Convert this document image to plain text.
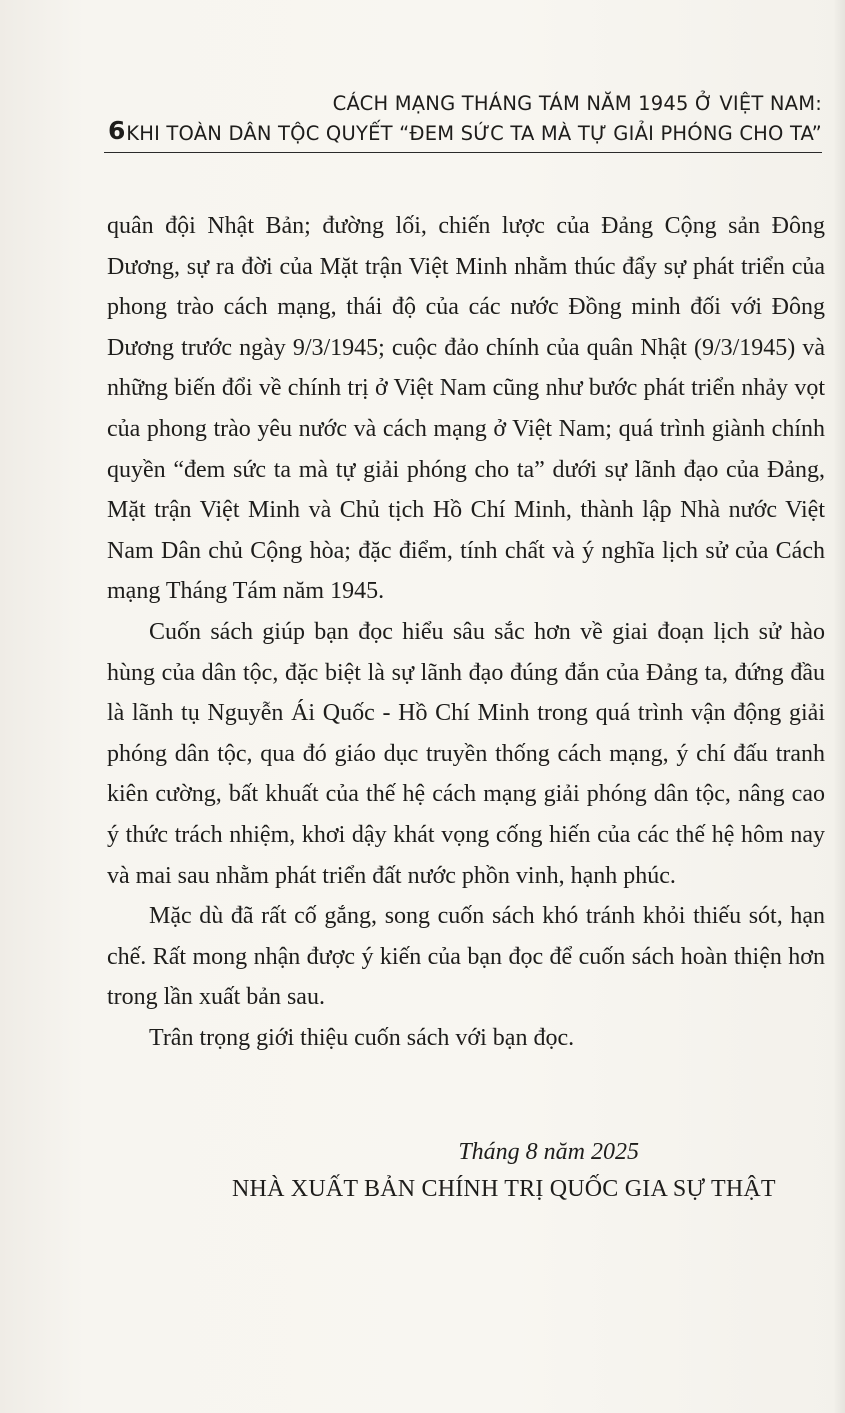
6
CÁCH MẠNG THÁNG TÁM NĂM 1945 Ở VIỆT NAM:
KHI TOÀN DÂN TỘC QUYẾT “ĐEM SỨC TA MÀ TỰ GIẢI PHÓNG CHO TA”

quân đội Nhật Bản; đường lối, chiến lược của Đảng Cộng sản Đông Dương, sự ra đời của Mặt trận Việt Minh nhằm thúc đẩy sự phát triển của phong trào cách mạng, thái độ của các nước Đồng minh đối với Đông Dương trước ngày 9/3/1945; cuộc đảo chính của quân Nhật (9/3/1945) và những biến đổi về chính trị ở Việt Nam cũng như bước phát triển nhảy vọt của phong trào yêu nước và cách mạng ở Việt Nam; quá trình giành chính quyền “đem sức ta mà tự giải phóng cho ta” dưới sự lãnh đạo của Đảng, Mặt trận Việt Minh và Chủ tịch Hồ Chí Minh, thành lập Nhà nước Việt Nam Dân chủ Cộng hòa; đặc điểm, tính chất và ý nghĩa lịch sử của Cách mạng Tháng Tám năm 1945.

Cuốn sách giúp bạn đọc hiểu sâu sắc hơn về giai đoạn lịch sử hào hùng của dân tộc, đặc biệt là sự lãnh đạo đúng đắn của Đảng ta, đứng đầu là lãnh tụ Nguyễn Ái Quốc - Hồ Chí Minh trong quá trình vận động giải phóng dân tộc, qua đó giáo dục truyền thống cách mạng, ý chí đấu tranh kiên cường, bất khuất của thế hệ cách mạng giải phóng dân tộc, nâng cao ý thức trách nhiệm, khơi dậy khát vọng cống hiến của các thế hệ hôm nay và mai sau nhằm phát triển đất nước phồn vinh, hạnh phúc.

Mặc dù đã rất cố gắng, song cuốn sách khó tránh khỏi thiếu sót, hạn chế. Rất mong nhận được ý kiến của bạn đọc để cuốn sách hoàn thiện hơn trong lần xuất bản sau.

Trân trọng giới thiệu cuốn sách với bạn đọc.

Tháng 8 năm 2025
NHÀ XUẤT BẢN CHÍNH TRỊ QUỐC GIA SỰ THẬT
